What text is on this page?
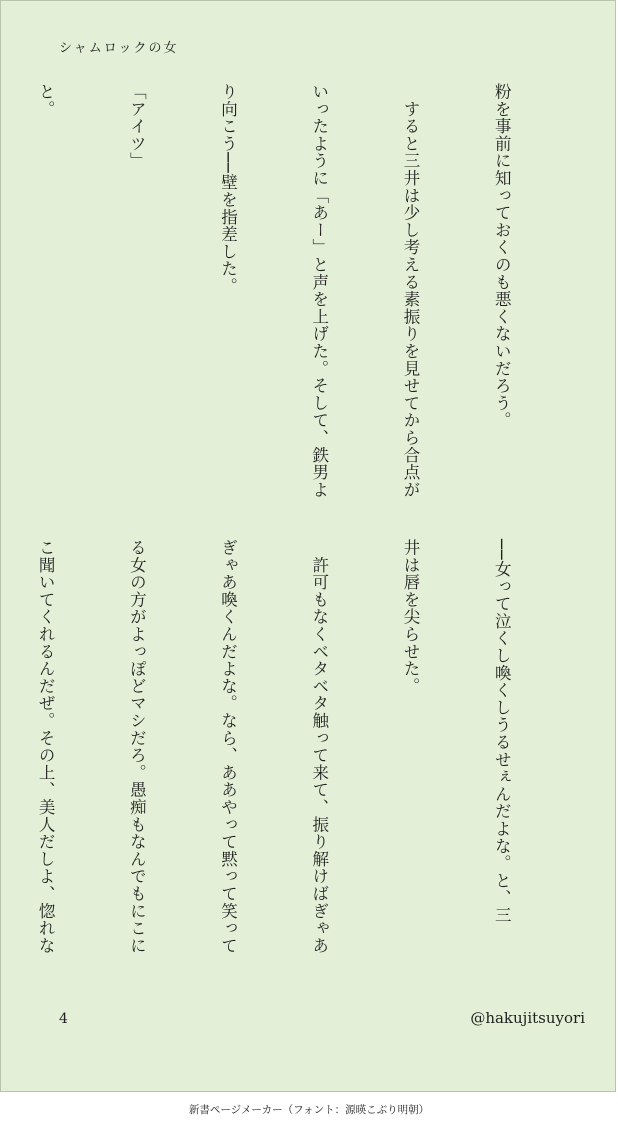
シャムロックの女

粉を事前に知っておくのも悪くないだろう。

　すると三井は少し考える素振りを見せてから合点が

いったように「あー」と声を上げた。そして、鉄男よ

り向こう──壁を指差した。

「アイツ」

と。

──女って泣くし喚くしうるせぇんだよな。と、三

井は唇を尖らせた。

　許可もなくベタベタ触って来て、振り解けばぎゃあ

ぎゃあ喚くんだよな。なら、ああやって黙って笑って

る女の方がよっぽどマシだろ。愚痴もなんでもにこに

こ聞いてくれるんだぜ。その上、美人だしよ、惚れな

4	@hakujitsuyori
新書ページメーカー（フォント：源暎こぶり明朝）
